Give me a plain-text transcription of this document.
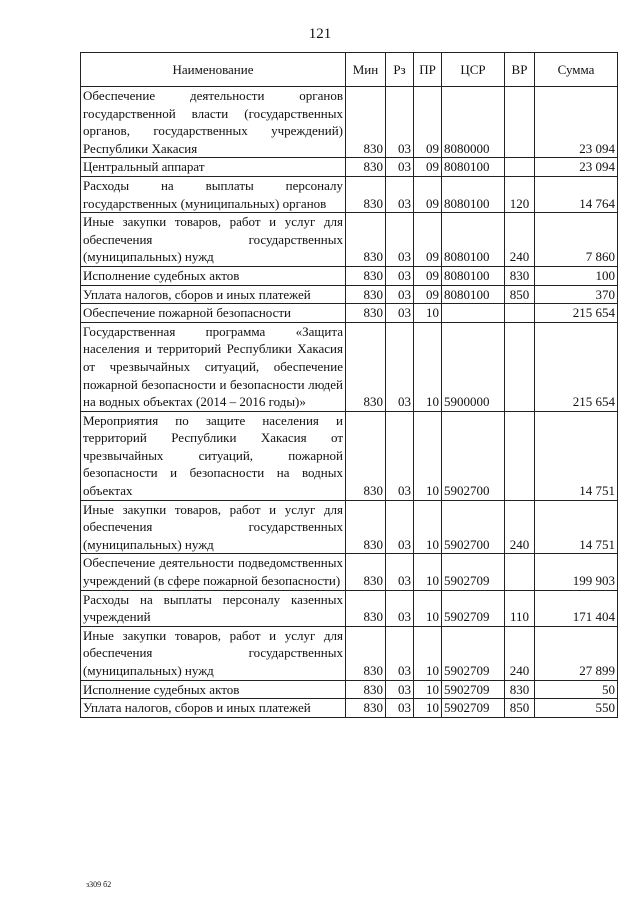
121
Наименование	Мин	Рз	ПР	ЦСР	ВР	Сумма
Обеспечение деятельности органов государственной власти (государственных органов, государственных учреждений) Республики Хакасия	830	03	09	8080000		23 094
Центральный аппарат	830	03	09	8080100		23 094
Расходы на выплаты персоналу государственных (муниципальных) органов	830	03	09	8080100	120	14 764
Иные закупки товаров, работ и услуг для обеспечения государственных (муниципальных) нужд	830	03	09	8080100	240	7 860
Исполнение судебных актов	830	03	09	8080100	830	100
Уплата налогов, сборов и иных платежей	830	03	09	8080100	850	370
Обеспечение пожарной безопасности	830	03	10			215 654
Государственная программа «Защита населения и территорий Республики Хакасия от чрезвычайных ситуаций, обеспечение пожарной безопасности и безопасности людей на водных объектах (2014 – 2016 годы)»	830	03	10	5900000		215 654
Мероприятия по защите населения и территорий Республики Хакасия от чрезвычайных ситуаций, пожарной безопасности и безопасности на водных объектах	830	03	10	5902700		14 751
Иные закупки товаров, работ и услуг для обеспечения государственных (муниципальных) нужд	830	03	10	5902700	240	14 751
Обеспечение деятельности подведомственных учреждений (в сфере пожарной безопасности)	830	03	10	5902709		199 903
Расходы на выплаты персоналу казенных учреждений	830	03	10	5902709	110	171 404
Иные закупки товаров, работ и услуг для обеспечения государственных (муниципальных) нужд	830	03	10	5902709	240	27 899
Исполнение судебных актов	830	03	10	5902709	830	50
Уплата налогов, сборов и иных платежей	830	03	10	5902709	850	550
з309 б2
